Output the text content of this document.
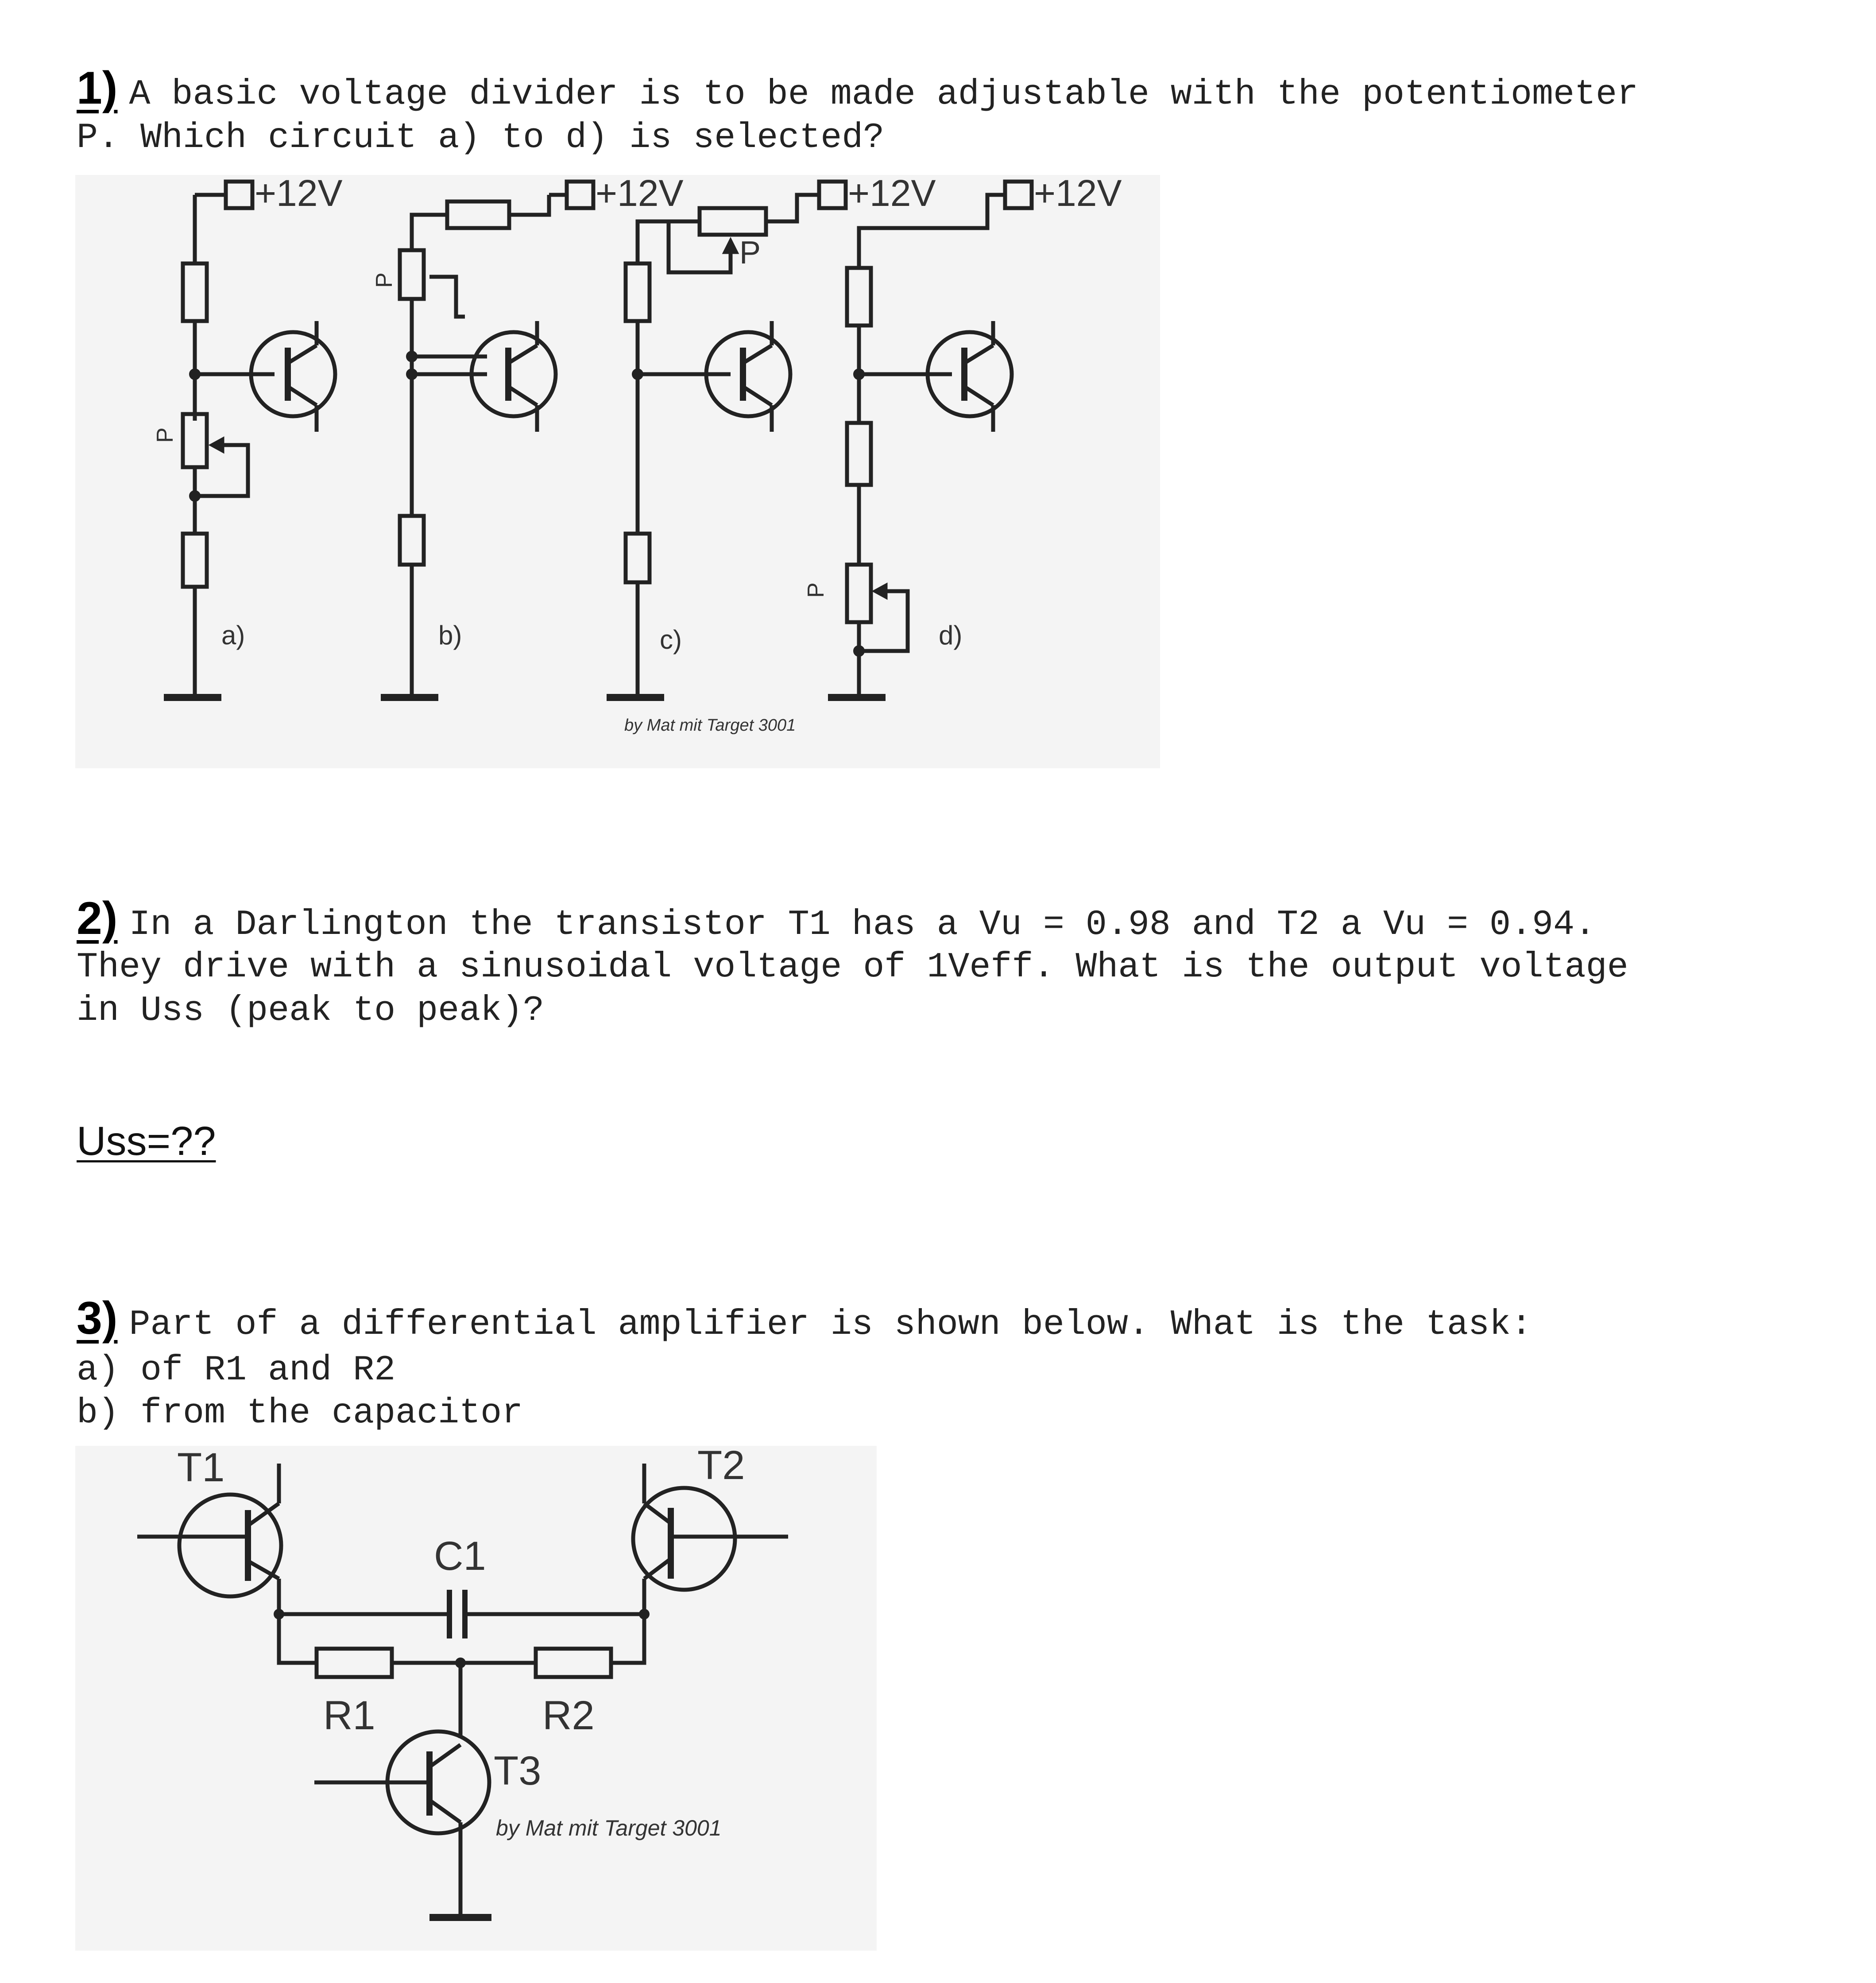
1) A basic voltage divider is to be made adjustable with the potentiometer
P. Which circuit a) to d) is selected?
+12V	+12V	+12V	+12V
P
P
P
P
a)	b)	c)	d)
by Mat mit Target 3001
2) In a Darlington the transistor T1 has a Vu = 0.98 and T2 a Vu = 0.94.
They drive with a sinusoidal voltage of 1Veff. What is the output voltage
in Uss (peak to peak)?
Uss=??
3) Part of a differential amplifier is shown below. What is the task:
a) of R1 and R2
b) from the capacitor
T1	T2
C1
R1	R2
T3
by Mat mit Target 3001
